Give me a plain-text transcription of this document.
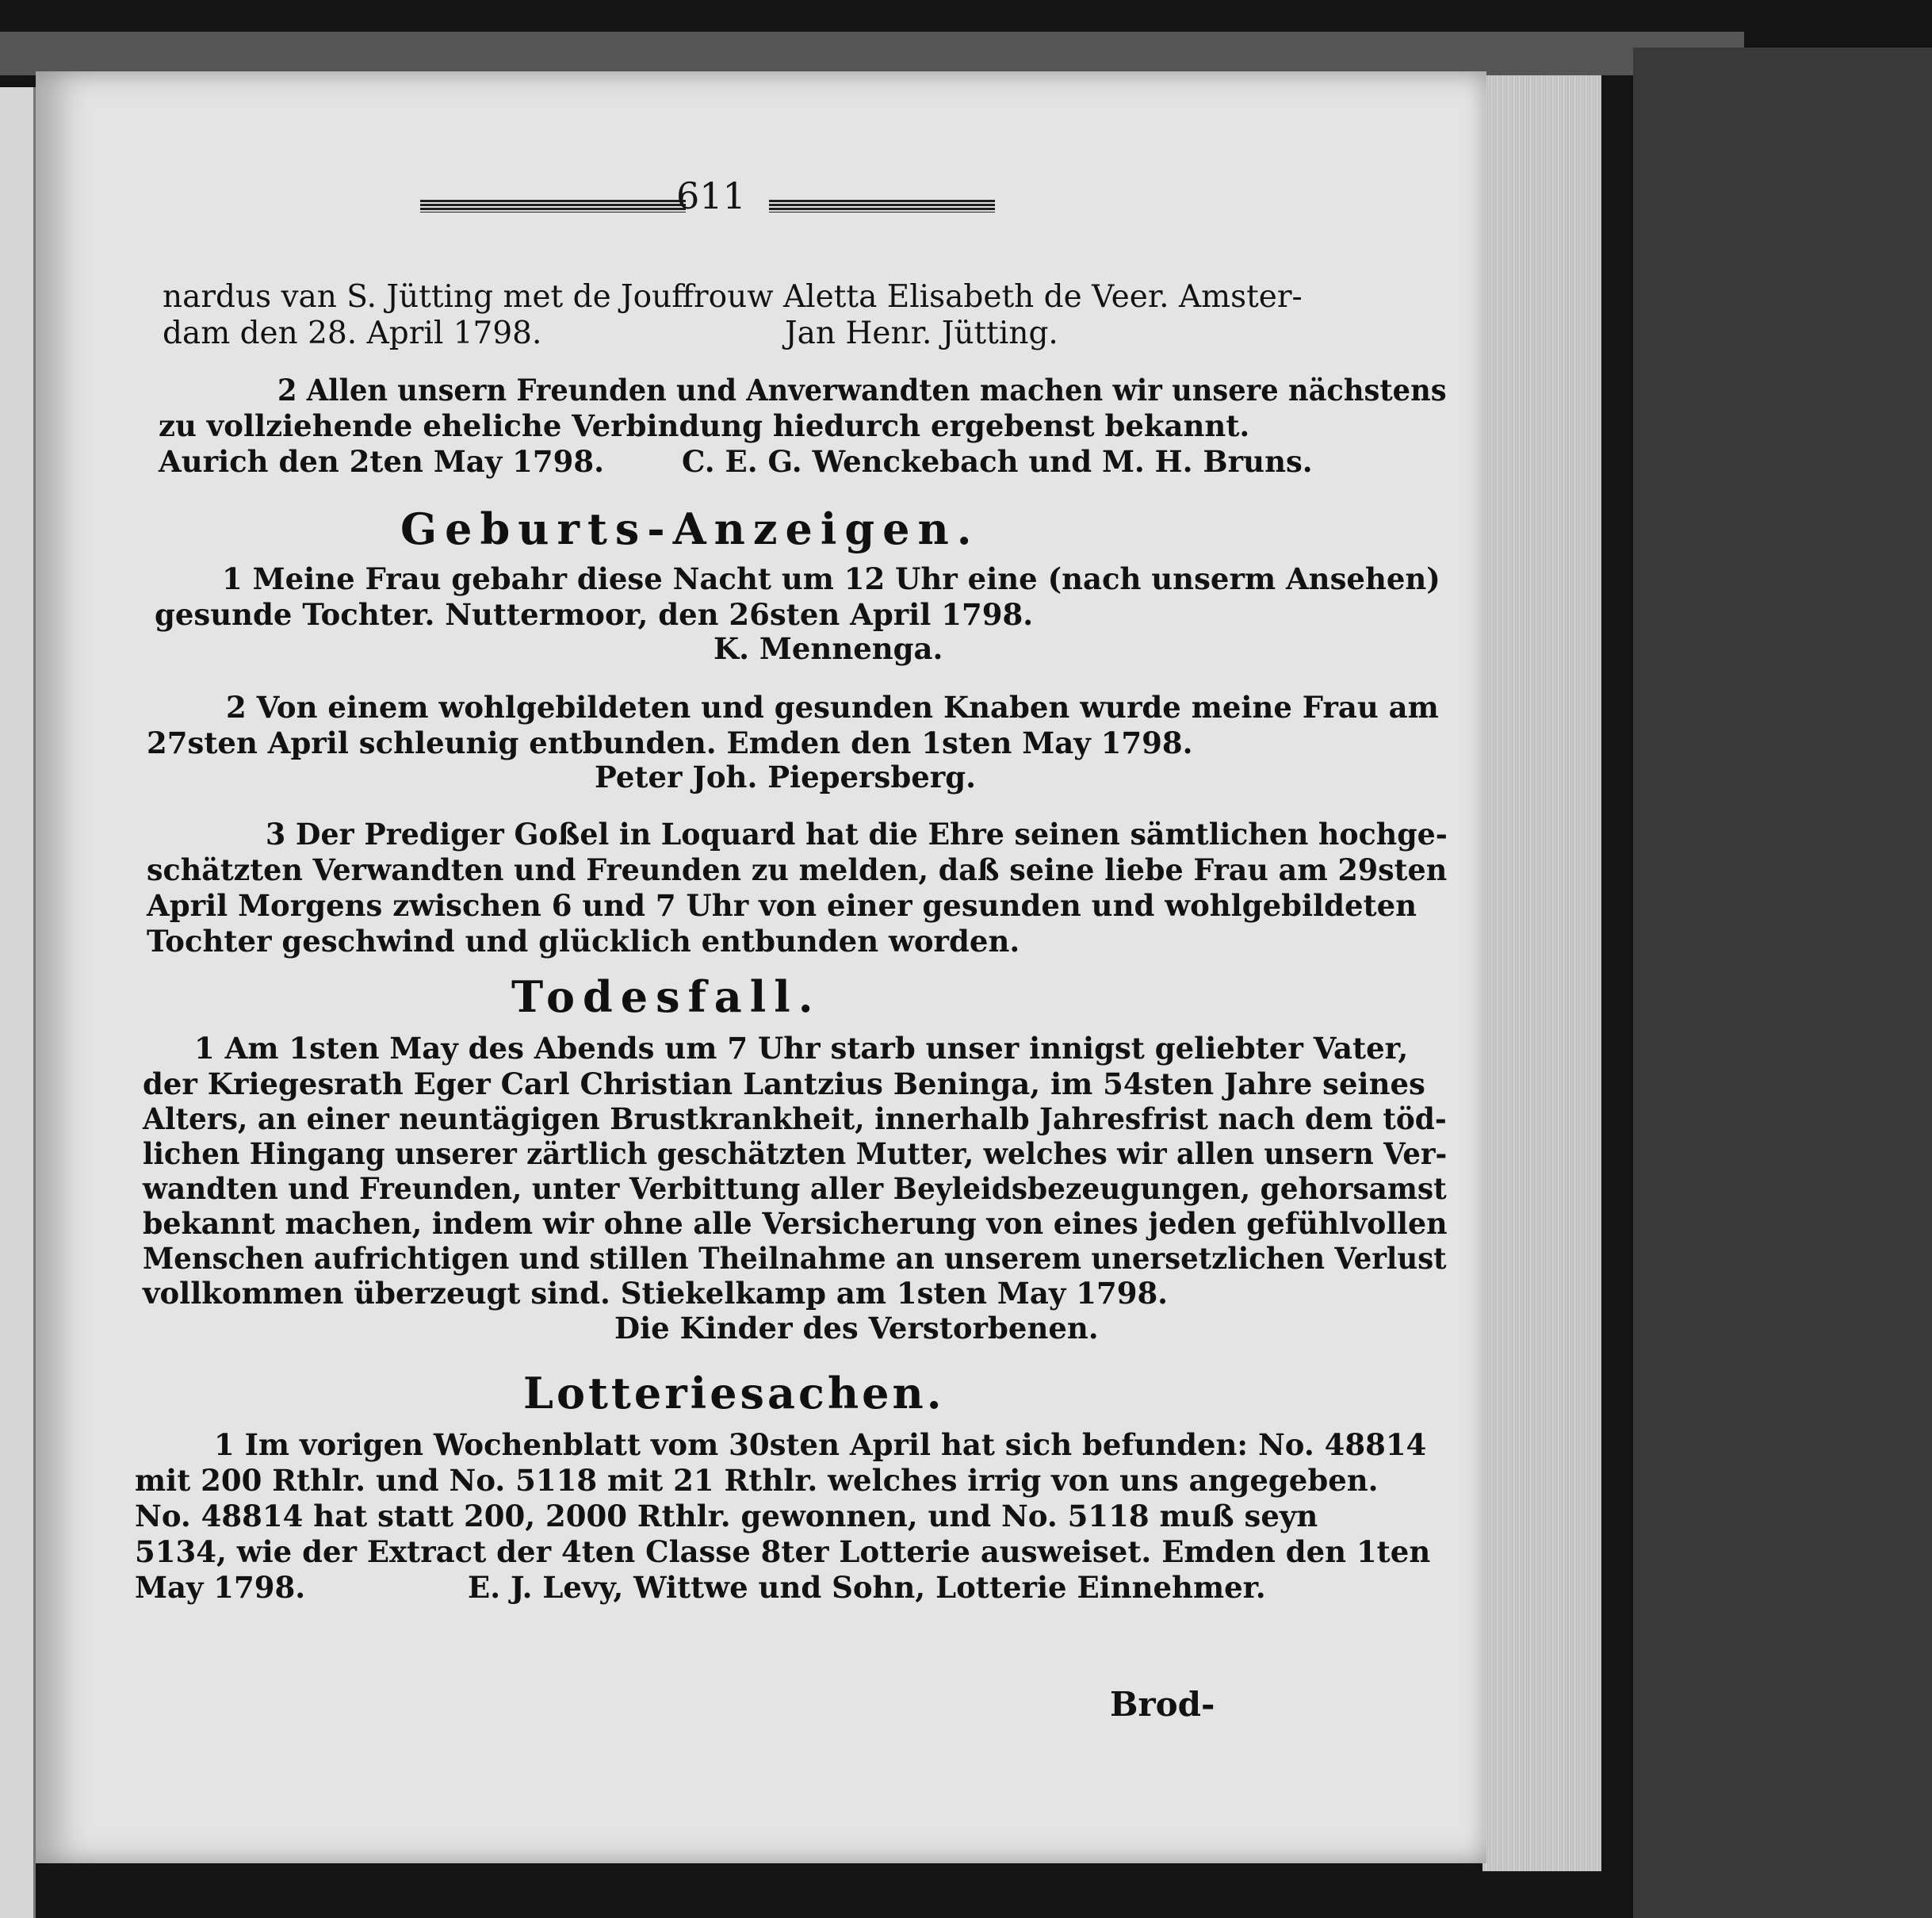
611
nardus van S. Jütting met de Jouffrouw Aletta Elisabeth de Veer. Amster-
dam den 28. April 1798.	Jan Henr. Jütting.
2 Allen unsern Freunden und Anverwandten machen wir unsere nächstens
zu vollziehende eheliche Verbindung hiedurch ergebenst bekannt.
Aurich den 2ten May 1798.	C. E. G. Wenckebach und M. H. Bruns.
Geburts-Anzeigen.
1 Meine Frau gebahr diese Nacht um 12 Uhr eine (nach unserm Ansehen)
gesunde Tochter. Nuttermoor, den 26sten April 1798.
K. Mennenga.
2 Von einem wohlgebildeten und gesunden Knaben wurde meine Frau am
27sten April schleunig entbunden. Emden den 1sten May 1798.
Peter Joh. Piepersberg.
3 Der Prediger Goßel in Loquard hat die Ehre seinen sämtlichen hochge-
schätzten Verwandten und Freunden zu melden, daß seine liebe Frau am 29sten
April Morgens zwischen 6 und 7 Uhr von einer gesunden und wohlgebildeten
Tochter geschwind und glücklich entbunden worden.
Todesfall.
1 Am 1sten May des Abends um 7 Uhr starb unser innigst geliebter Vater,
der Kriegesrath Eger Carl Christian Lantzius Beninga, im 54sten Jahre seines
Alters, an einer neuntägigen Brustkrankheit, innerhalb Jahresfrist nach dem töd-
lichen Hingang unserer zärtlich geschätzten Mutter, welches wir allen unsern Ver-
wandten und Freunden, unter Verbittung aller Beyleidsbezeugungen, gehorsamst
bekannt machen, indem wir ohne alle Versicherung von eines jeden gefühlvollen
Menschen aufrichtigen und stillen Theilnahme an unserem unersetzlichen Verlust
vollkommen überzeugt sind. Stiekelkamp am 1sten May 1798.
Die Kinder des Verstorbenen.
Lotteriesachen.
1 Im vorigen Wochenblatt vom 30sten April hat sich befunden: No. 48814
mit 200 Rthlr. und No. 5118 mit 21 Rthlr. welches irrig von uns angegeben.
No. 48814 hat statt 200, 2000 Rthlr. gewonnen, und No. 5118 muß seyn
5134, wie der Extract der 4ten Classe 8ter Lotterie ausweiset. Emden den 1ten
May 1798.	E. J. Levy, Wittwe und Sohn, Lotterie Einnehmer.
Brod-
